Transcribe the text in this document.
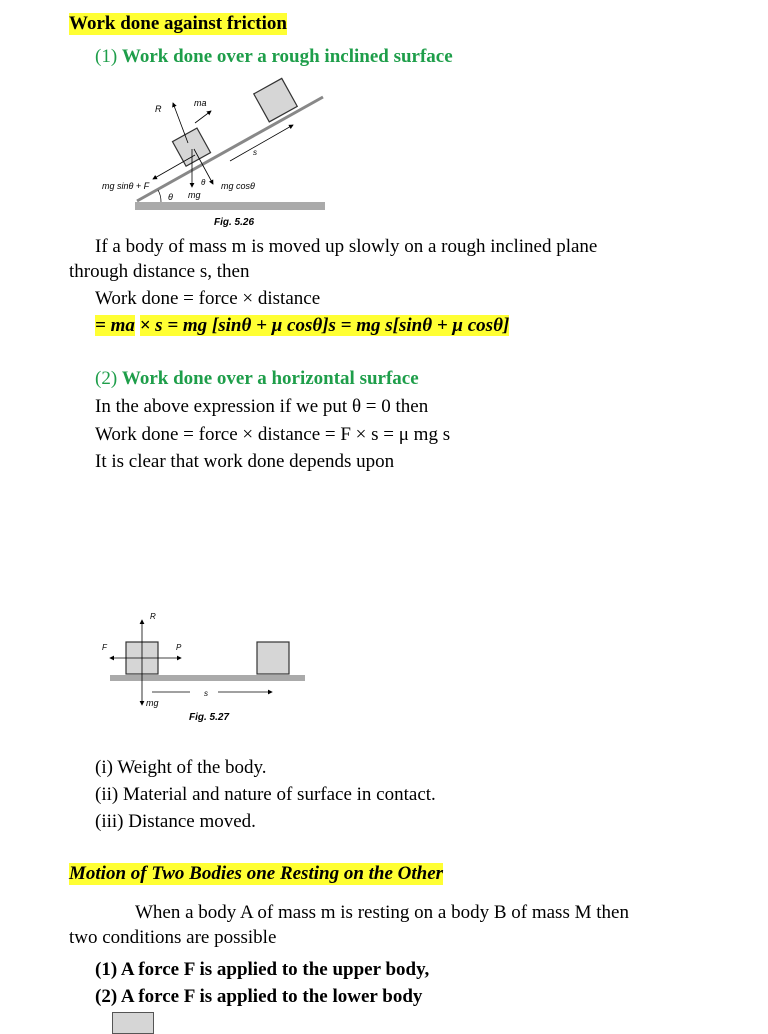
Work done against friction
(1) Work done over a rough inclined surface
R
ma
s
mg sinθ + F
θ mg
θ mg cosθ
Fig. 5.26
If a body of mass m is moved up slowly on a rough inclined plane
through distance s, then
Work done = force × distance
= ma × s = mg [sinθ + μ cosθ]s = mg s[sinθ + μ cosθ]
(2) Work done over a horizontal surface
In the above expression if we put θ = 0 then
Work done = force × distance = F × s = μ mg s
It is clear that work done depends upon
R
F	P
s
mg
Fig. 5.27
(i) Weight of the body.
(ii) Material and nature of surface in contact.
(iii) Distance moved.
Motion of Two Bodies one Resting on the Other
When a body A of mass m is resting on a body B of mass M then
two conditions are possible
(1) A force F is applied to the upper body,
(2) A force F is applied to the lower body
